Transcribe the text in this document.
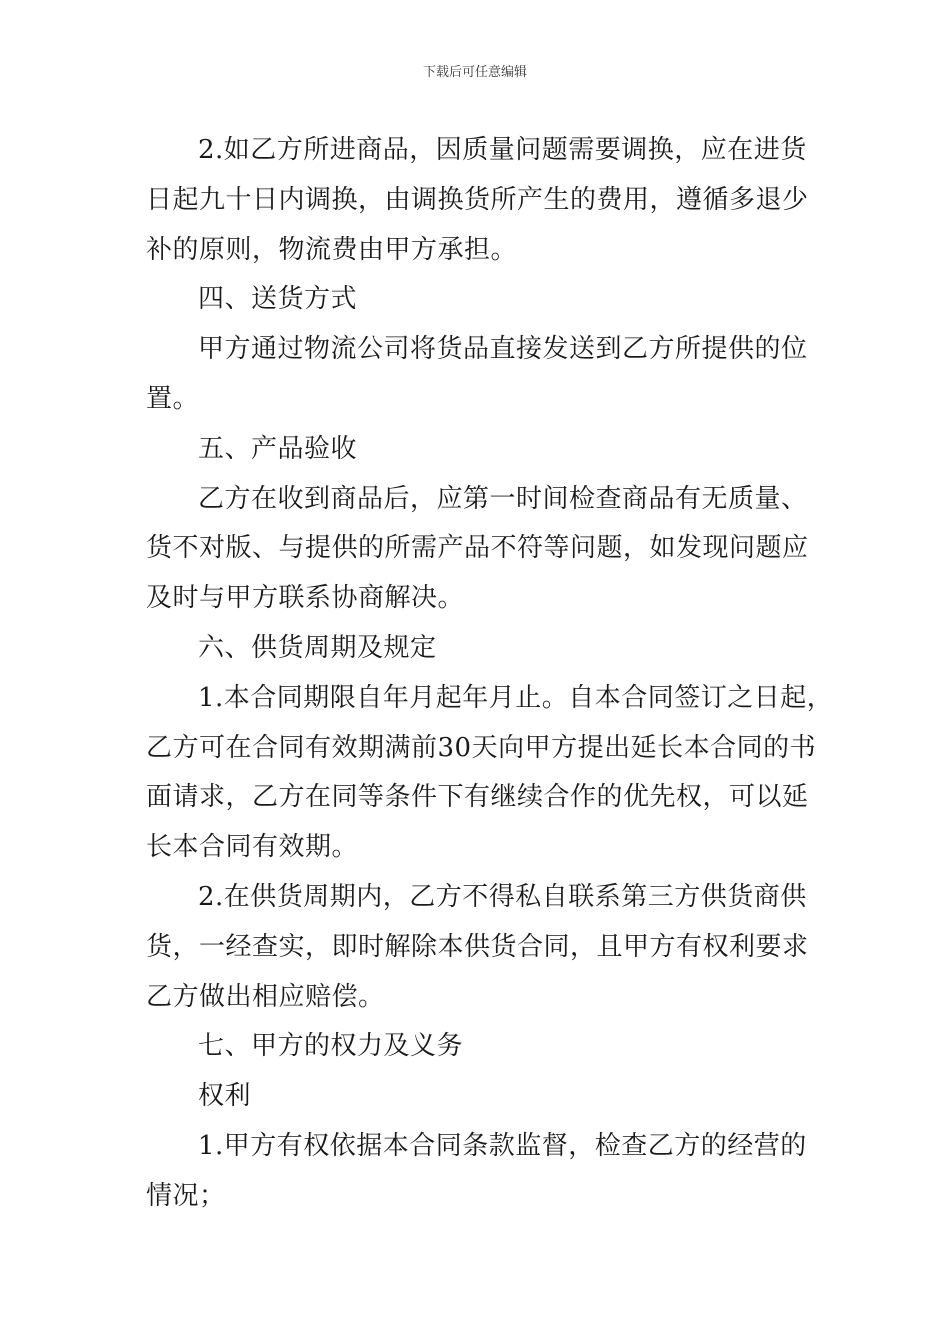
下载后可任意编辑
2.如乙方所进商品，因质量问题需要调换，应在进货
日起九十日内调换，由调换货所产生的费用，遵循多退少
补的原则，物流费由甲方承担。
四、送货方式
甲方通过物流公司将货品直接发送到乙方所提供的位
置。
五、产品验收
乙方在收到商品后，应第一时间检查商品有无质量、
货不对版、与提供的所需产品不符等问题，如发现问题应
及时与甲方联系协商解决。
六、供货周期及规定
1.本合同期限自年月起年月止。自本合同签订之日起，
乙方可在合同有效期满前30天向甲方提出延长本合同的书
面请求，乙方在同等条件下有继续合作的优先权，可以延
长本合同有效期。
2.在供货周期内，乙方不得私自联系第三方供货商供
货，一经查实，即时解除本供货合同，且甲方有权利要求
乙方做出相应赔偿。
七、甲方的权力及义务
权利
1.甲方有权依据本合同条款监督，检查乙方的经营的
情况；
